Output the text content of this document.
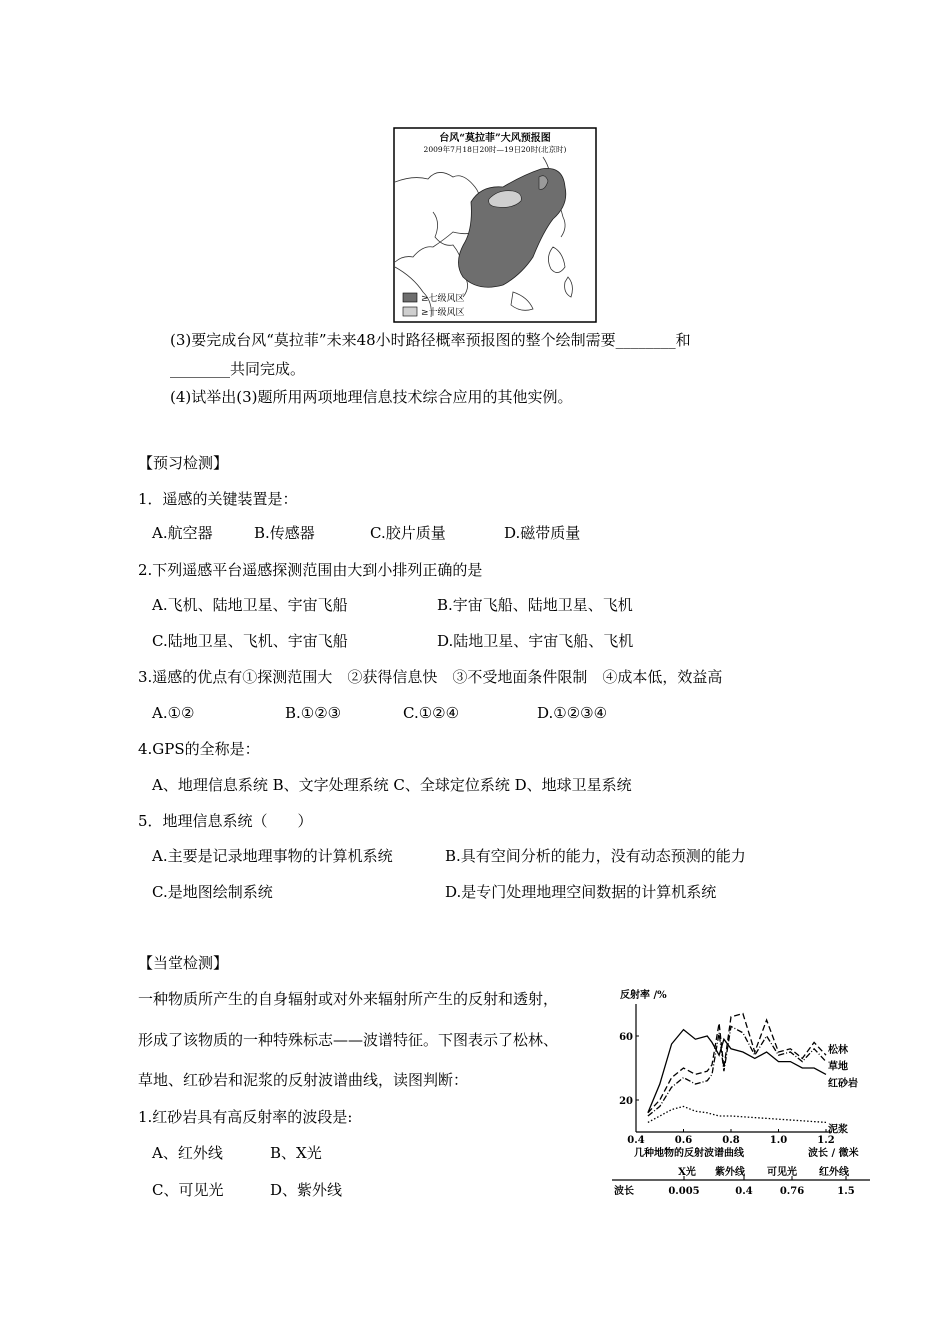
台风“莫拉菲”大风预报图
2009年7月18日20时—19日20时(北京时)
≥七级风区
≥十级风区
(3)要完成台风“莫拉菲”未来48小时路径概率预报图的整个绘制需要________和
________共同完成。
(4)试举出(3)题所用两项地理信息技术综合应用的其他实例。
【预习检测】
1．遥感的关键装置是：
A.航空器	B.传感器	C.胶片质量	D.磁带质量
2.下列遥感平台遥感探测范围由大到小排列正确的是
A.飞机、陆地卫星、宇宙飞船	B.宇宙飞船、陆地卫星、飞机
C.陆地卫星、飞机、宇宙飞船	D.陆地卫星、宇宙飞船、飞机
3.遥感的优点有①探测范围大　②获得信息快　③不受地面条件限制　④成本低，效益高
A.①②	B.①②③	C.①②④	D.①②③④
4.GPS的全称是：
A、地理信息系统 B、文字处理系统 C、全球定位系统 D、地球卫星系统
5．地理信息系统（　　）
A.主要是记录地理事物的计算机系统	B.具有空间分析的能力，没有动态预测的能力
C.是地图绘制系统	D.是专门处理地理空间数据的计算机系统
【当堂检测】
一种物质所产生的自身辐射或对外来辐射所产生的反射和透射，
形成了该物质的一种特殊标志——波谱特征。下图表示了松林、
草地、红砂岩和泥浆的反射波谱曲线，读图判断：
1.红砂岩具有高反射率的波段是:
A、红外线	B、X光
C、可见光	D、紫外线
反射率 /%
0.4	0.6	0.8	1.0	1.2
20
60
松林
草地
红砂岩
泥浆
波长 / 微米
几种地物的反射波谱曲线
波长
X光 紫外线 可见光 红外线
0.005	0.4	0.76	1.5
